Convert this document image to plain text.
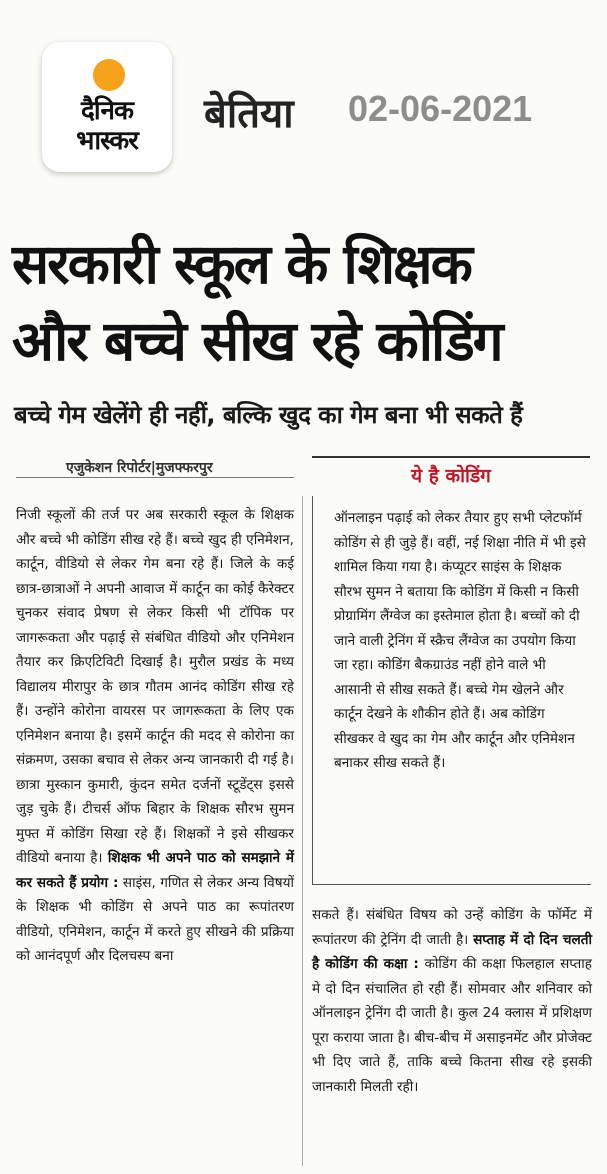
दैनिक
भास्कर
बेतिया 02-06-2021
सरकारी स्कूल के शिक्षक
और बच्चे सीख रहे कोडिंग
बच्चे गेम खेलेंगे ही नहीं, बल्कि खुद का गेम बना भी सकते हैं
एजुकेशन रिपोर्टर|मुजफ्फरपुर	ये है कोडिंग
ऑनलाइन पढ़ाई को लेकर तैयार हुए सभी प्लेटफॉर्म कोडिंग से ही जुड़े हैं। वहीं, नई शिक्षा नीति में भी इसे शामिल किया गया है। कंप्यूटर साइंस के शिक्षक सौरभ सुमन ने बताया कि कोडिंग में किसी न किसी प्रोग्रामिंग लैंग्वेज का इस्तेमाल होता है। बच्चों को दी जाने वाली ट्रेनिंग में स्क्रैच लैंग्वेज का उपयोग किया जा रहा। कोडिंग बैकग्राउंड नहीं होने वाले भी आसानी से सीख सकते हैं। बच्चे गेम खेलने और कार्टून देखने के शौकीन होते हैं। अब कोडिंग सीखकर वे खुद का गेम और कार्टून और एनिमेशन बनाकर सीख सकते हैं।
निजी स्कूलों की तर्ज पर अब सरकारी स्कूल के शिक्षक और बच्चे भी कोडिंग सीख रहे हैं। बच्चे खुद ही एनिमेशन, कार्टून, वीडियो से लेकर गेम बना रहे हैं। जिले के कई छात्र-छात्राओं ने अपनी आवाज में कार्टून का कोई कैरेक्टर चुनकर संवाद प्रेषण से लेकर किसी भी टॉपिक पर जागरूकता और पढ़ाई से संबंधित वीडियो और एनिमेशन तैयार कर क्रिएटिविटी दिखाई है। मुरौल प्रखंड के मध्य विद्यालय मीरापुर के छात्र गौतम आनंद कोडिंग सीख रहे हैं। उन्होंने कोरोना वायरस पर जागरूकता के लिए एक एनिमेशन बनाया है। इसमें कार्टून की मदद से कोरोना का संक्रमण, उसका बचाव से लेकर अन्य जानकारी दी गई है। छात्रा मुस्कान कुमारी, कुंदन समेत दर्जनों स्टूडेंट्स इससे जुड़ चुके हैं। टीचर्स ऑफ बिहार के शिक्षक सौरभ सुमन मुफ्त में कोडिंग सिखा रहे हैं। शिक्षकों ने इसे सीखकर वीडियो बनाया है। शिक्षक भी अपने पाठ को समझाने में कर सकते हैं प्रयोग : साइंस, गणित से लेकर अन्य विषयों के शिक्षक भी कोडिंग से अपने पाठ का रूपांतरण वीडियो, एनिमेशन, कार्टून में करते हुए सीखने की प्रक्रिया को आनंदपूर्ण और दिलचस्प बना
सकते हैं। संबंधित विषय को उन्हें कोडिंग के फॉर्मेट में रूपांतरण की ट्रेनिंग दी जाती है। सप्ताह में दो दिन चलती है कोडिंग की कक्षा : कोडिंग की कक्षा फिलहाल सप्ताह मे दो दिन संचालित हो रही हैं। सोमवार और शनिवार को ऑनलाइन ट्रेनिंग दी जाती है। कुल 24 क्लास में प्रशिक्षण पूरा कराया जाता है। बीच-बीच में असाइनमेंट और प्रोजेक्ट भी दिए जाते हैं, ताकि बच्चे कितना सीख रहे इसकी जानकारी मिलती रही।
